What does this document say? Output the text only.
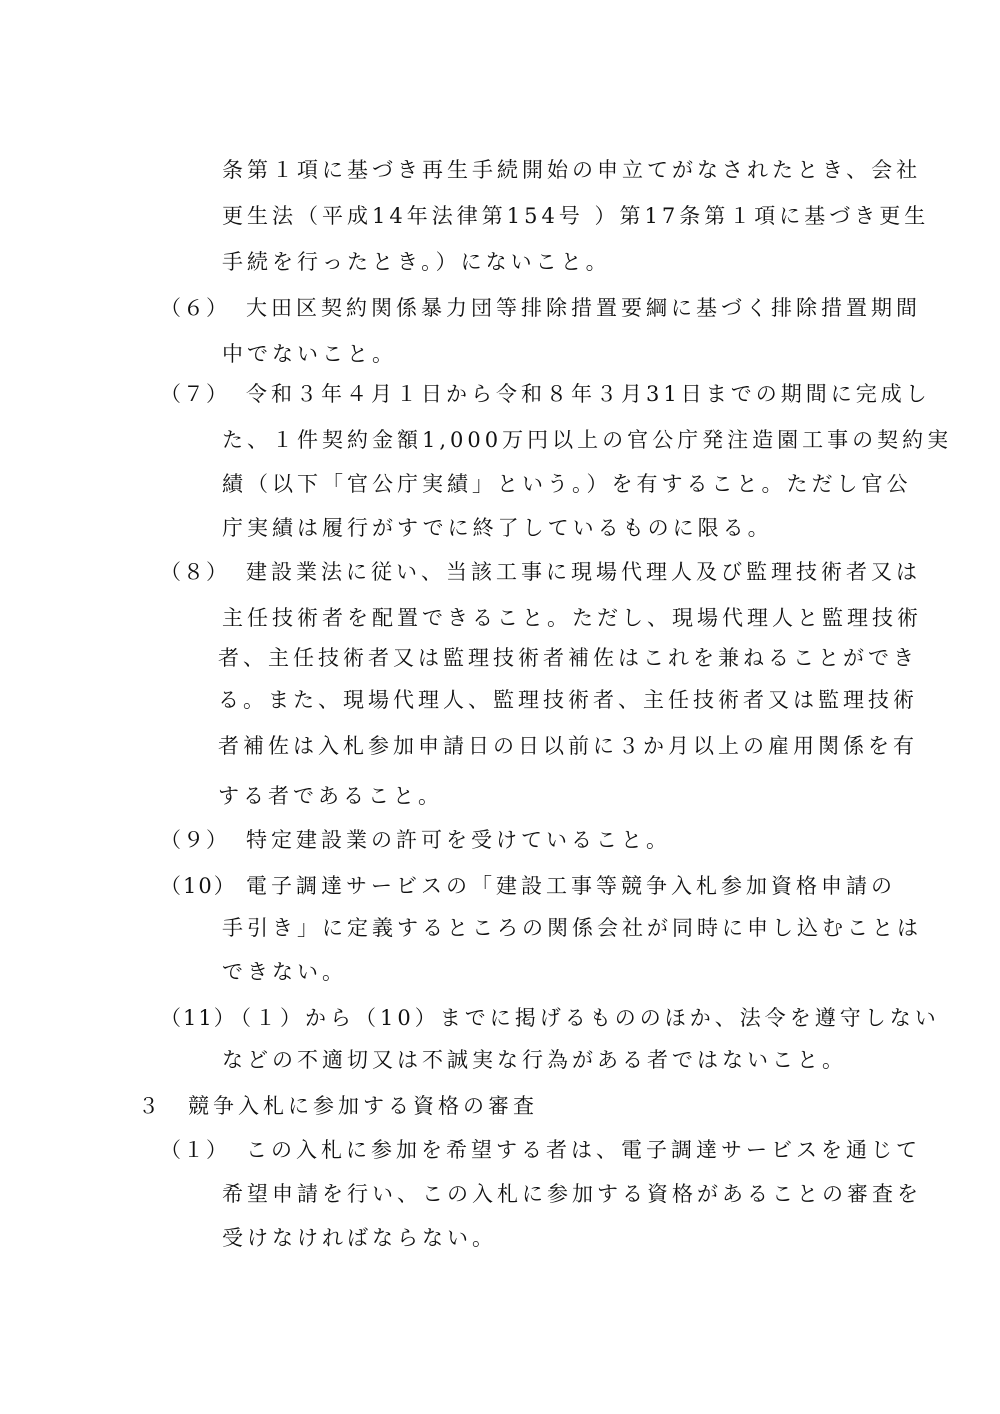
条第１項に基づき再生手続開始の申立てがなされたとき、会社
更生法（平成14年法律第154号 ）第17条第１項に基づき更生
手続を行ったとき。）にないこと。
（６） 大田区契約関係暴力団等排除措置要綱に基づく排除措置期間
中でないこと。
（７） 令和３年４月１日から令和８年３月31日までの期間に完成し
た、１件契約金額1,000万円以上の官公庁発注造園工事の契約実
績（以下「官公庁実績」という。）を有すること。ただし官公
庁実績は履行がすでに終了しているものに限る。
（８） 建設業法に従い、当該工事に現場代理人及び監理技術者又は
主任技術者を配置できること。ただし、現場代理人と監理技術
者、主任技術者又は監理技術者補佐はこれを兼ねることができ
る。また、現場代理人、監理技術者、主任技術者又は監理技術
者補佐は入札参加申請日の日以前に３か月以上の雇用関係を有
する者であること。
（９） 特定建設業の許可を受けていること。
（10） 電子調達サービスの「建設工事等競争入札参加資格申請の
手引き」に定義するところの関係会社が同時に申し込むことは
できない。
（11）
（１）から（10）までに掲げるもののほか、法令を遵守しない
などの不適切又は不誠実な行為がある者ではないこと。
３　競争入札に参加する資格の審査
（１） この入札に参加を希望する者は、電子調達サービスを通じて
希望申請を行い、この入札に参加する資格があることの審査を
受けなければならない。
